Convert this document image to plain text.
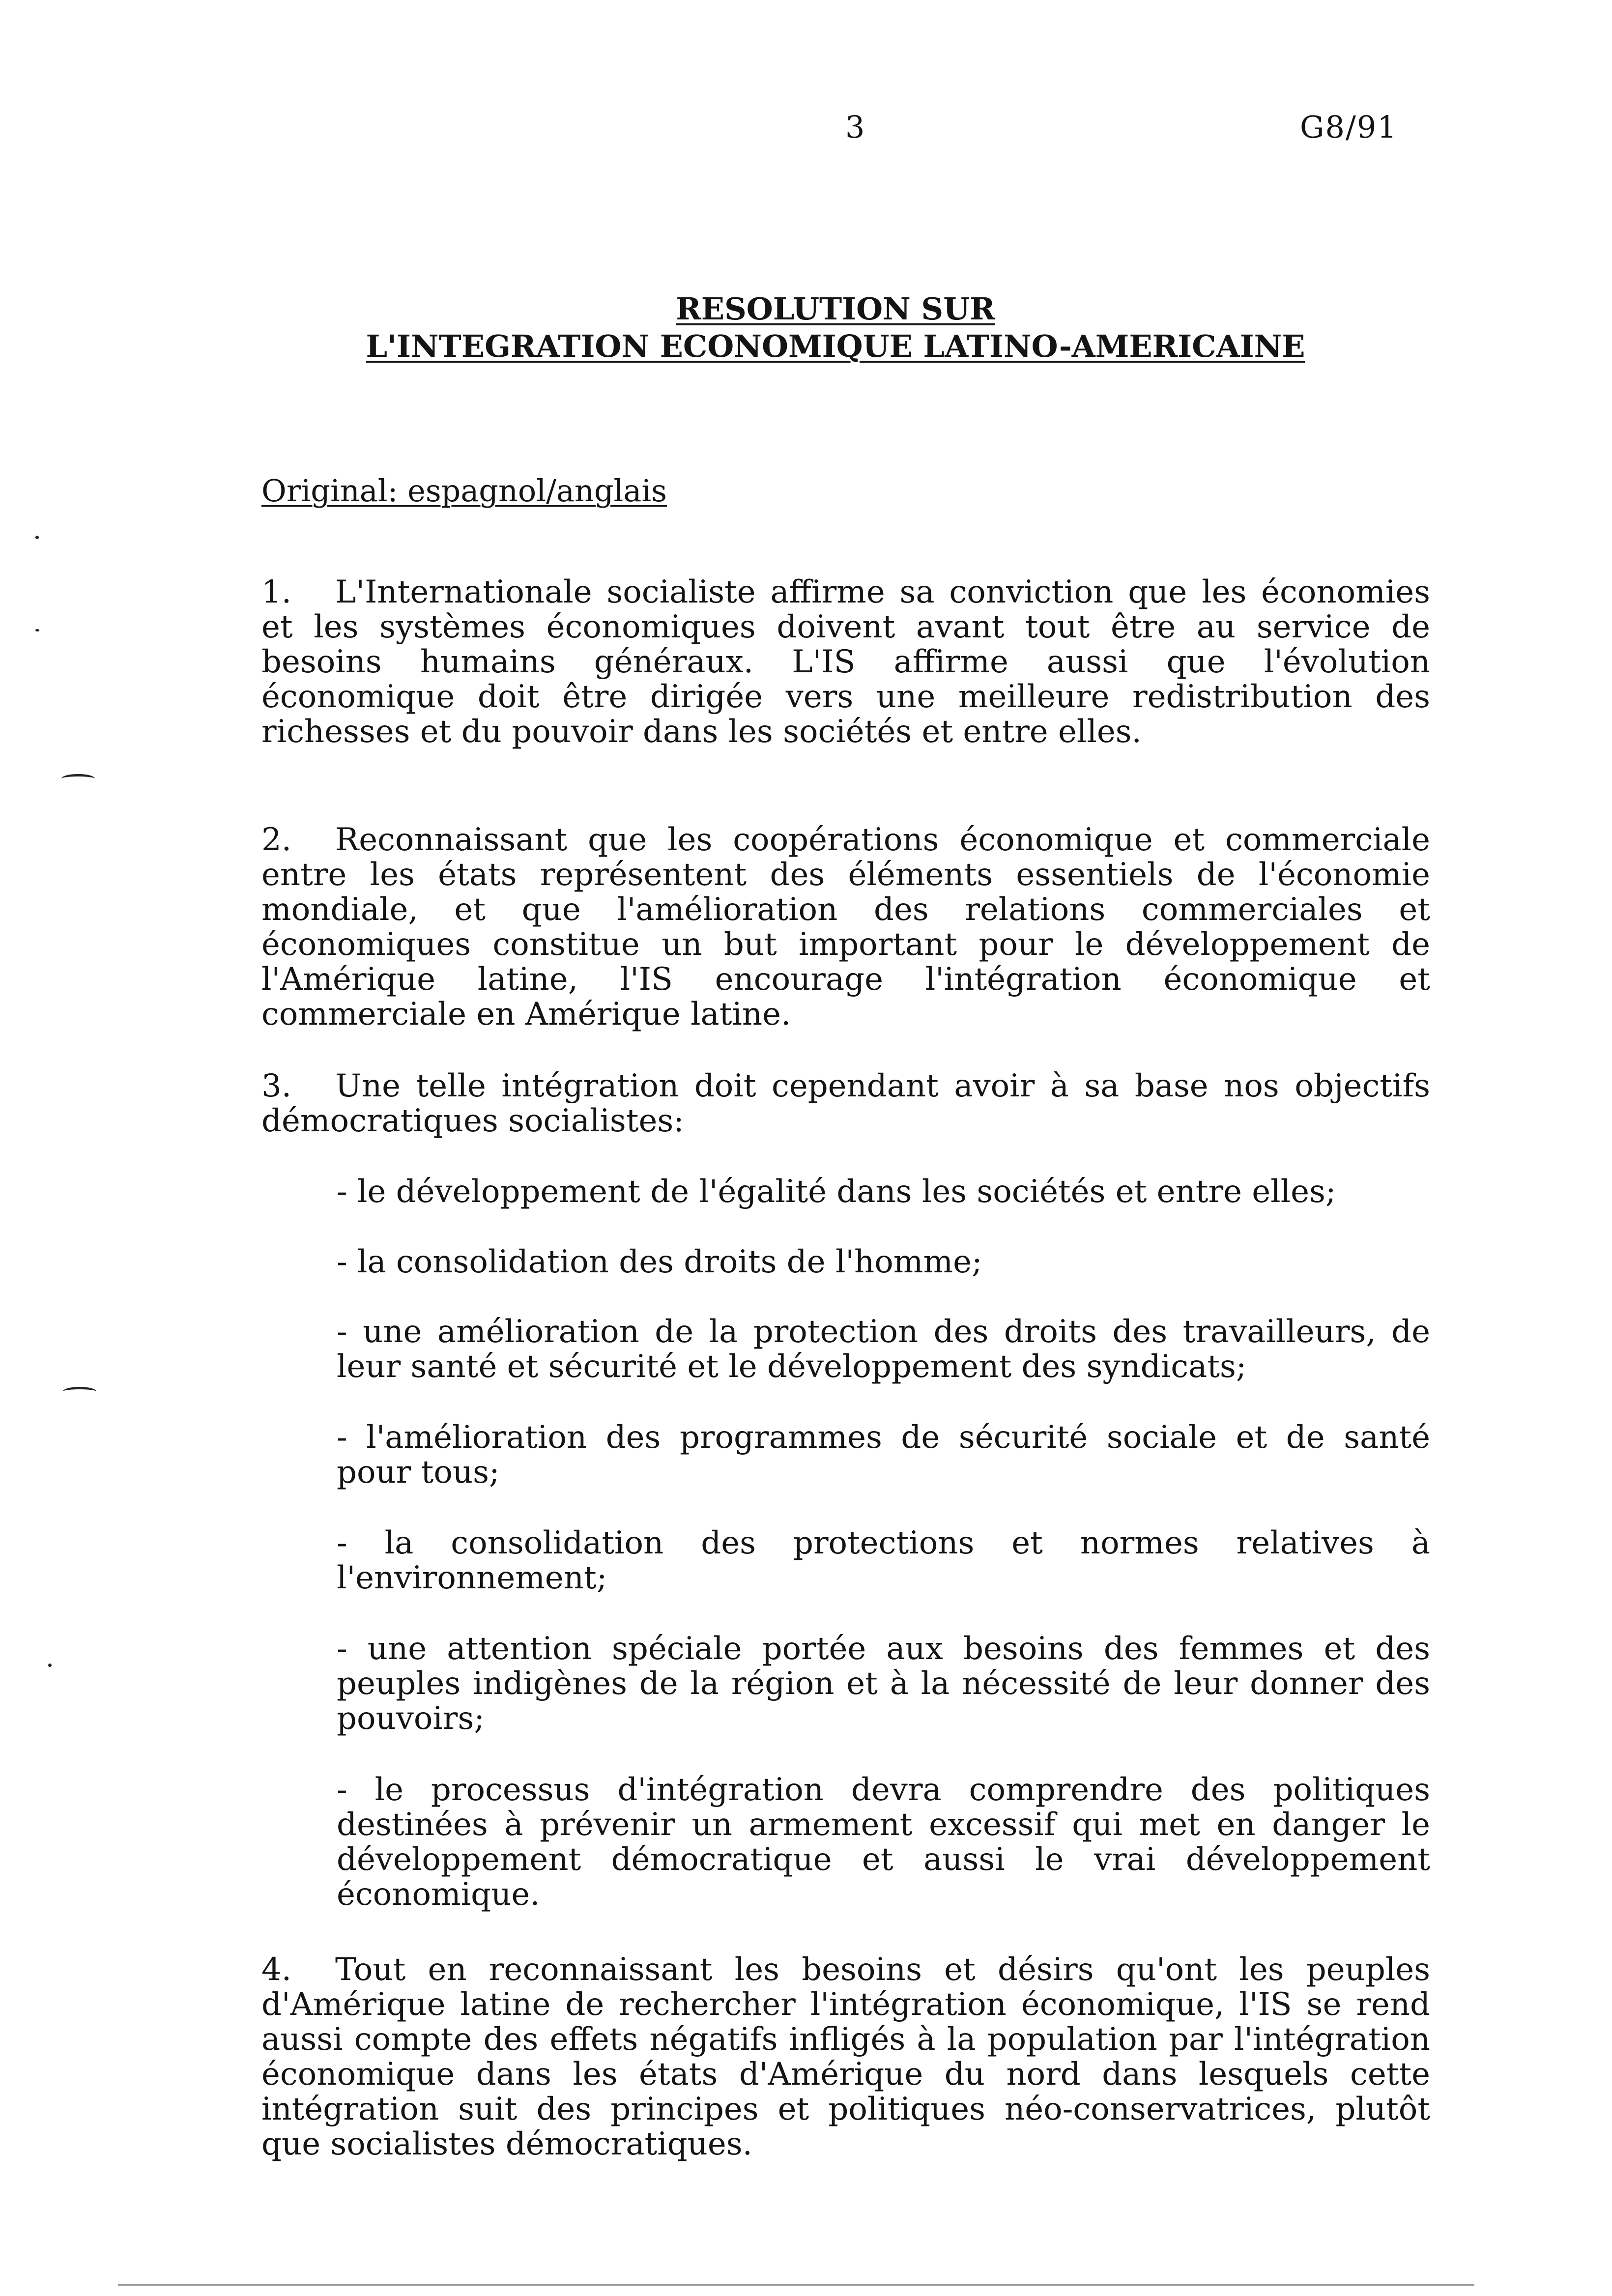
3	G8/91
RESOLUTION SUR
L'INTEGRATION ECONOMIQUE LATINO-AMERICAINE
Original: espagnol/anglais

1. L'Internationale socialiste affirme sa conviction que les économies et les systèmes économiques doivent avant tout être au service de besoins humains généraux. L'IS affirme aussi que l'évolution économique doit être dirigée vers une meilleure redistribution des richesses et du pouvoir dans les sociétés et entre elles.

2. Reconnaissant que les coopérations économique et commerciale entre les états représentent des éléments essentiels de l'économie mondiale, et que l'amélioration des relations commerciales et économiques constitue un but important pour le développement de l'Amérique latine, l'IS encourage l'intégration économique et commerciale en Amérique latine.

3. Une telle intégration doit cependant avoir à sa base nos objectifs démocratiques socialistes:

- le développement de l'égalité dans les sociétés et entre elles;

- la consolidation des droits de l'homme;

- une amélioration de la protection des droits des travailleurs, de leur santé et sécurité et le développement des syndicats;

- l'amélioration des programmes de sécurité sociale et de santé pour tous;

- la consolidation des protections et normes relatives à l'environnement;

- une attention spéciale portée aux besoins des femmes et des peuples indigènes de la région et à la nécessité de leur donner des pouvoirs;

- le processus d'intégration devra comprendre des politiques destinées à prévenir un armement excessif qui met en danger le développement démocratique et aussi le vrai développement économique.

4. Tout en reconnaissant les besoins et désirs qu'ont les peuples d'Amérique latine de rechercher l'intégration économique, l'IS se rend aussi compte des effets négatifs infligés à la population par l'intégration économique dans les états d'Amérique du nord dans lesquels cette intégration suit des principes et politiques néo-conservatrices, plutôt que socialistes démocratiques.
